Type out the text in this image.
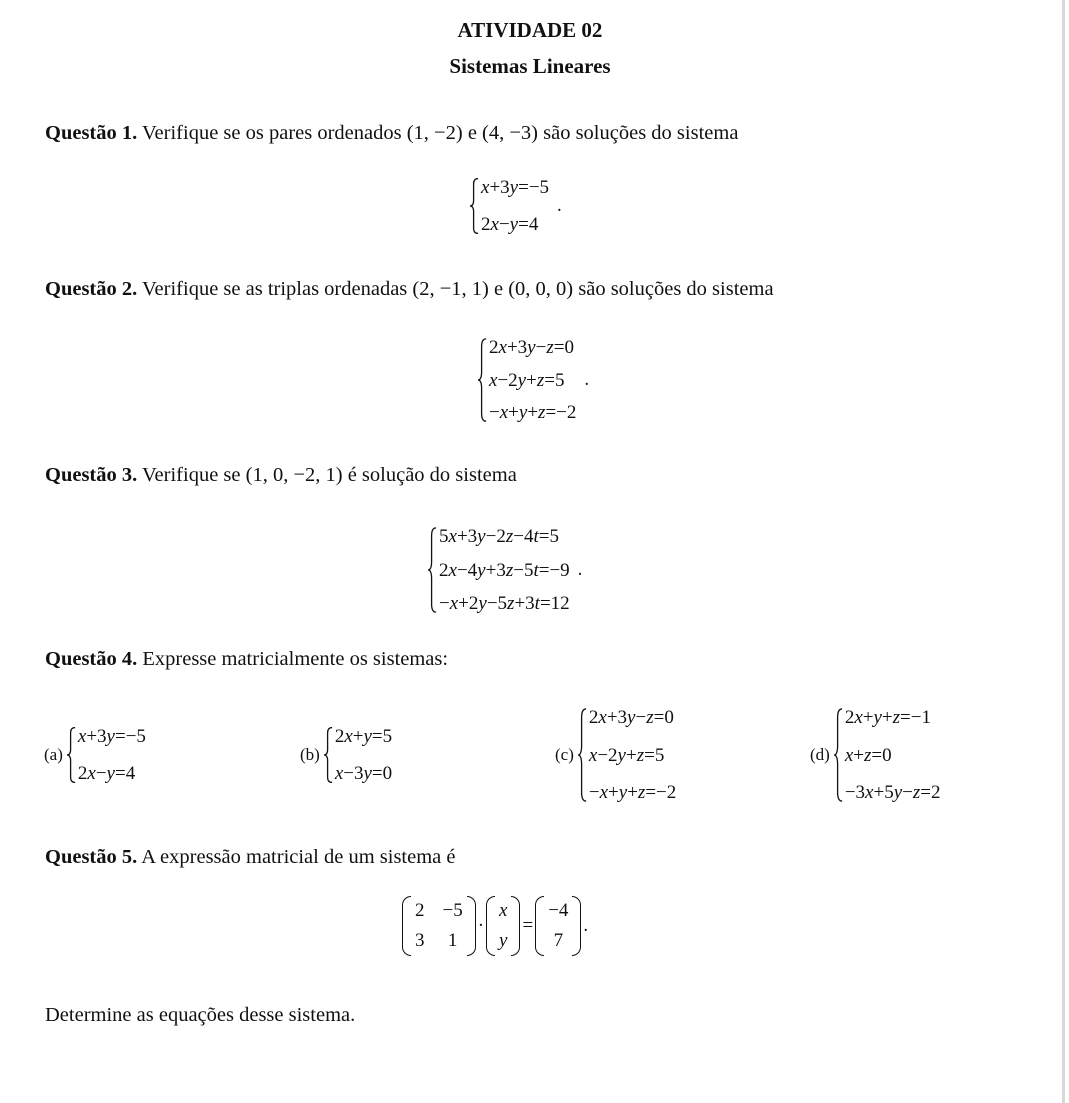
ATIVIDADE 02
Sistemas Lineares
Questão 1. Verifique se os pares ordenados (1, −2) e (4, −3) são soluções do sistema
x+3y=−5
2x−y=4
.
Questão 2. Verifique se as triplas ordenadas (2, −1, 1) e (0, 0, 0) são soluções do sistema
2x+3y−z=0
x−2y+z=5
−x+y+z=−2
.
Questão 3. Verifique se (1, 0, −2, 1) é solução do sistema
5x+3y−2z−4t=5
2x−4y+3z−5t=−9
−x+2y−5z+3t=12
.
Questão 4. Expresse matricialmente os sistemas:
(a)
x+3y=−5
2x−y=4
(b)
2x+y=5
x−3y=0
(c)
2x+3y−z=0
x−2y+z=5
−x+y+z=−2
(d)
2x+y+z=−1
x+z=0
−3x+5y−z=2
Questão 5. A expressão matricial de um sistema é
2 −5
3 1
·
x
y
=
−4
7
.
Determine as equações desse sistema.
